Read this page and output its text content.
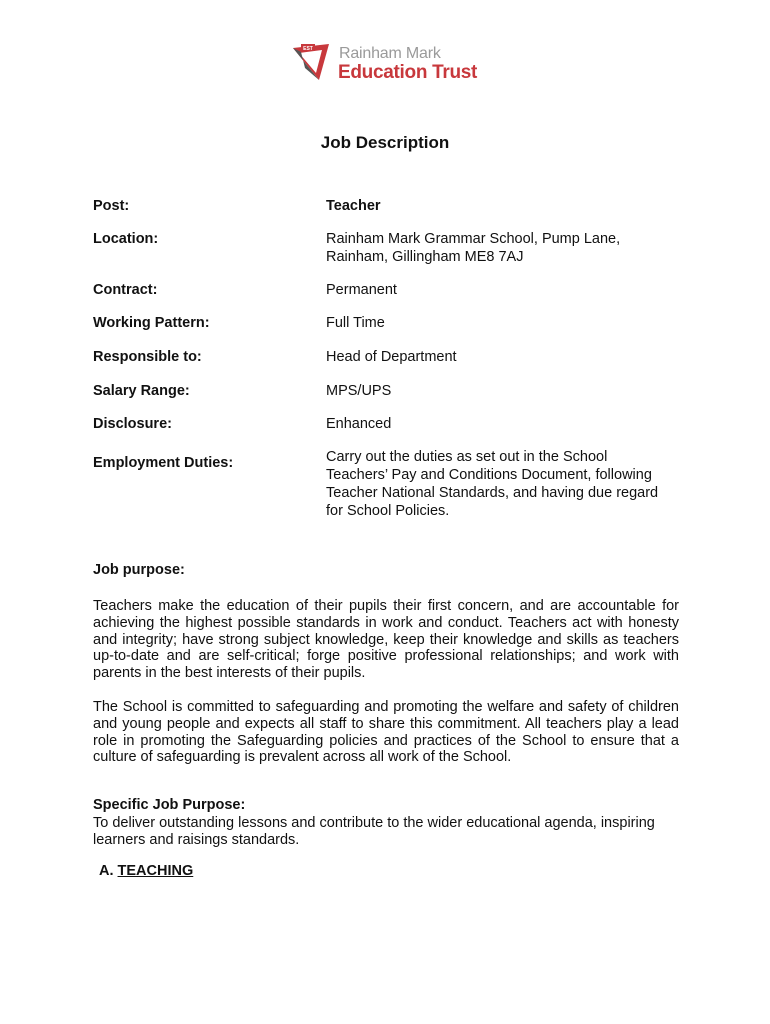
EST Rainham Mark
Education Trust
Job Description
Post:	Teacher
Location:	Rainham Mark Grammar School, Pump Lane, Rainham, Gillingham ME8 7AJ
Contract:	Permanent
Working Pattern:	Full Time
Responsible to:	Head of Department
Salary Range:	MPS/UPS
Disclosure:	Enhanced
Employment Duties:	Carry out the duties as set out in the School Teachers’ Pay and Conditions Document, following Teacher National Standards, and having due regard for School Policies.
Job purpose:
Teachers make the education of their pupils their first concern, and are accountable for achieving the highest possible standards in work and conduct. Teachers act with honesty and integrity; have strong subject knowledge, keep their knowledge and skills as teachers up-to-date and are self-critical; forge positive professional relationships; and work with parents in the best interests of their pupils.
The School is committed to safeguarding and promoting the welfare and safety of children and young people and expects all staff to share this commitment. All teachers play a lead role in promoting the Safeguarding policies and practices of the School to ensure that a culture of safeguarding is prevalent across all work of the School.
Specific Job Purpose:
To deliver outstanding lessons and contribute to the wider educational agenda, inspiring learners and raisings standards.
A. TEACHING
